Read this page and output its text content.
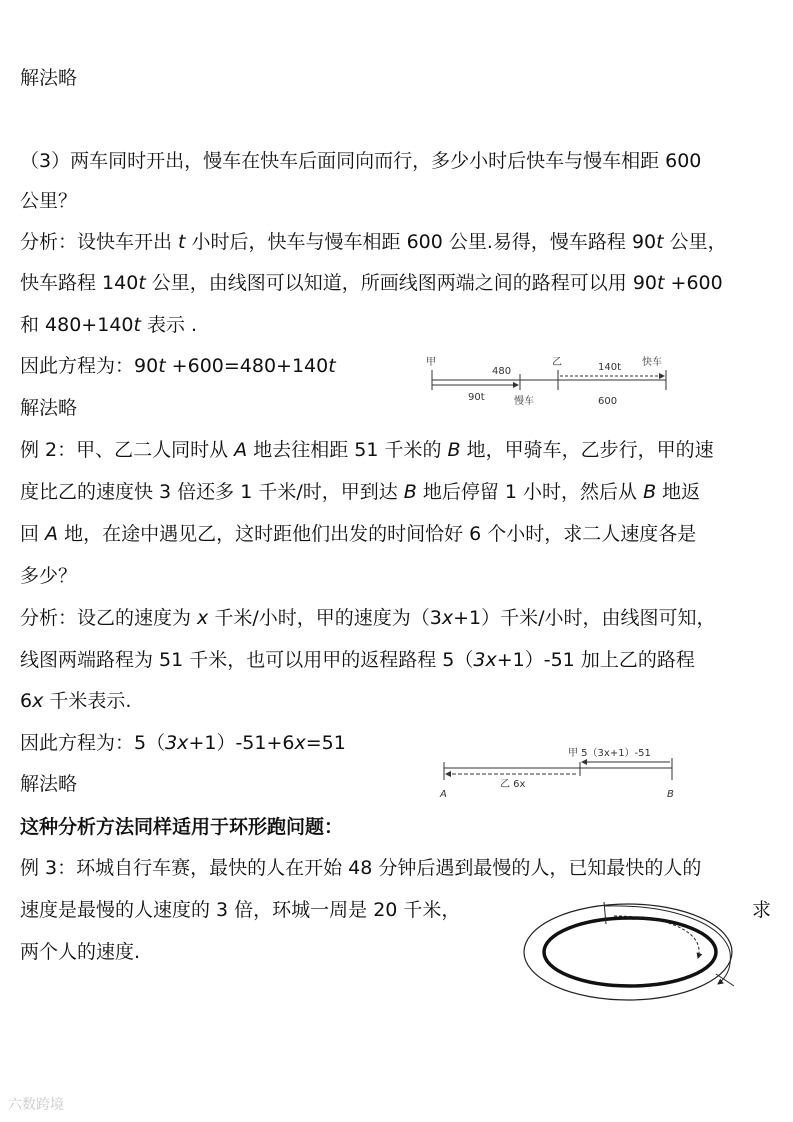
解法略
（3）两车同时开出，慢车在快车后面同向而行，多少小时后快车与慢车相距 600
公里？
分析：设快车开出 t 小时后，快车与慢车相距 600 公里.易得，慢车路程 90t 公里，
快车路程 140t 公里，由线图可以知道，所画线图两端之间的路程可以用 90t +600
和 480+140t 表示 .
因此方程为：90t +600=480+140t
解法略
例 2：甲、乙二人同时从 A 地去往相距 51 千米的 B 地，甲骑车，乙步行，甲的速
度比乙的速度快 3 倍还多 1 千米/时，甲到达 B 地后停留 1 小时，然后从 B 地返
回 A 地，在途中遇见乙，这时距他们出发的时间恰好 6 个小时，求二人速度各是
多少？
分析：设乙的速度为 x 千米/小时，甲的速度为（3x+1）千米/小时，由线图可知，
线图两端路程为 51 千米，也可以用甲的返程路程 5（3x+1）-51 加上乙的路程
6x 千米表示.
因此方程为：5（3x+1）-51+6x=51
解法略
这种分析方法同样适用于环形跑问题：
例 3：环城自行车赛，最快的人在开始 48 分钟后遇到最慢的人，已知最快的人的
速度是最慢的人速度的 3 倍，环城一周是 20 千米，	求
两个人的速度.
甲
480
乙	140t 快车
90t	慢车	600
甲 5（3x+1）-51
乙 6x
A	B
六数跨境
